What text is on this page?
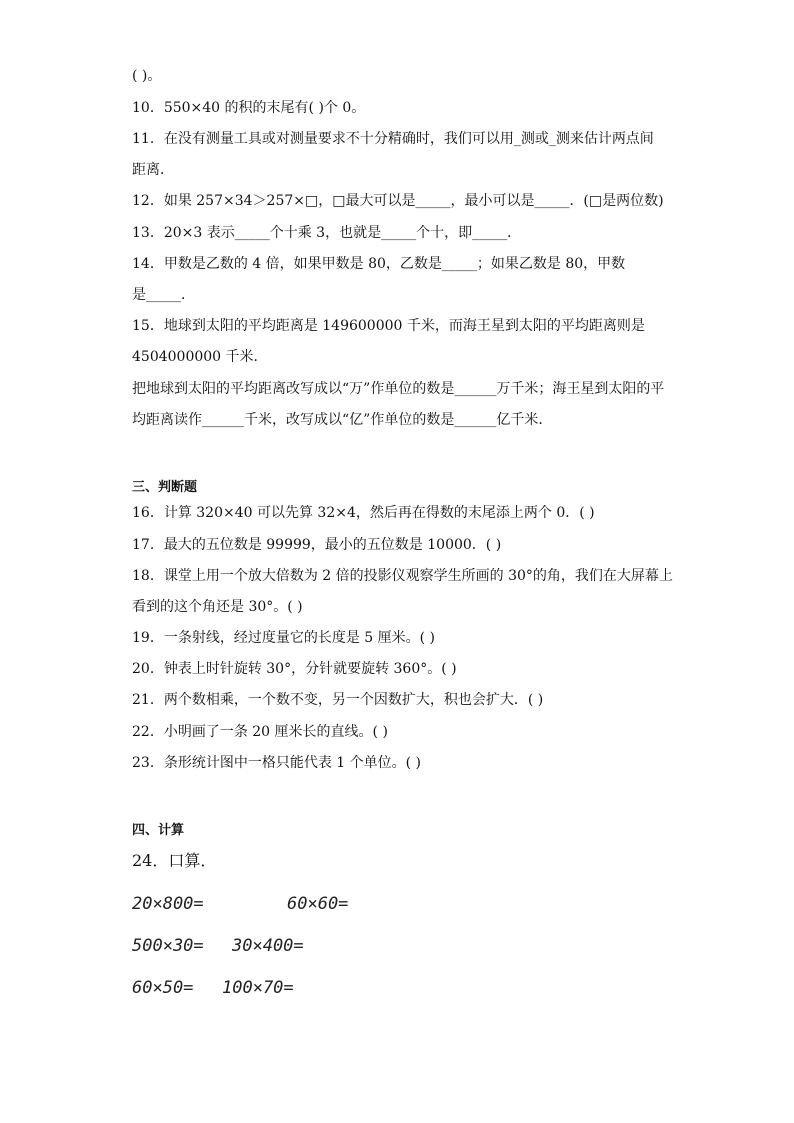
( )。
10．550×40 的积的末尾有( )个 0。
11．在没有测量工具或对测量要求不十分精确时，我们可以用_测或_测来估计两点间
距离．
12．如果 257×34＞257×□，□最大可以是_____，最小可以是_____．(□是两位数)
13．20×3 表示_____个十乘 3，也就是_____个十，即_____．
14．甲数是乙数的 4 倍，如果甲数是 80，乙数是_____；如果乙数是 80，甲数
是_____．
15．地球到太阳的平均距离是 149600000 千米，而海王星到太阳的平均距离则是
4504000000 千米．
把地球到太阳的平均距离改写成以“万”作单位的数是______万千米；海王星到太阳的平
均距离读作______千米，改写成以“亿”作单位的数是______亿千米．
三、判断题
16．计算 320×40 可以先算 32×4，然后再在得数的末尾添上两个 0．( )
17．最大的五位数是 99999，最小的五位数是 10000．( )
18．课堂上用一个放大倍数为 2 倍的投影仪观察学生所画的 30°的角，我们在大屏幕上
看到的这个角还是 30°。( )
19．一条射线，经过度量它的长度是 5 厘米。( )
20．钟表上时针旋转 30°，分针就要旋转 360°。( )
21．两个数相乘，一个数不变，另一个因数扩大，积也会扩大．( )
22．小明画了一条 20 厘米长的直线。( )
23．条形统计图中一格只能代表 1 个单位。( )
四、计算
24．口算．
20×800=	60×60=
500×30= 30×400=
60×50= 100×70=
